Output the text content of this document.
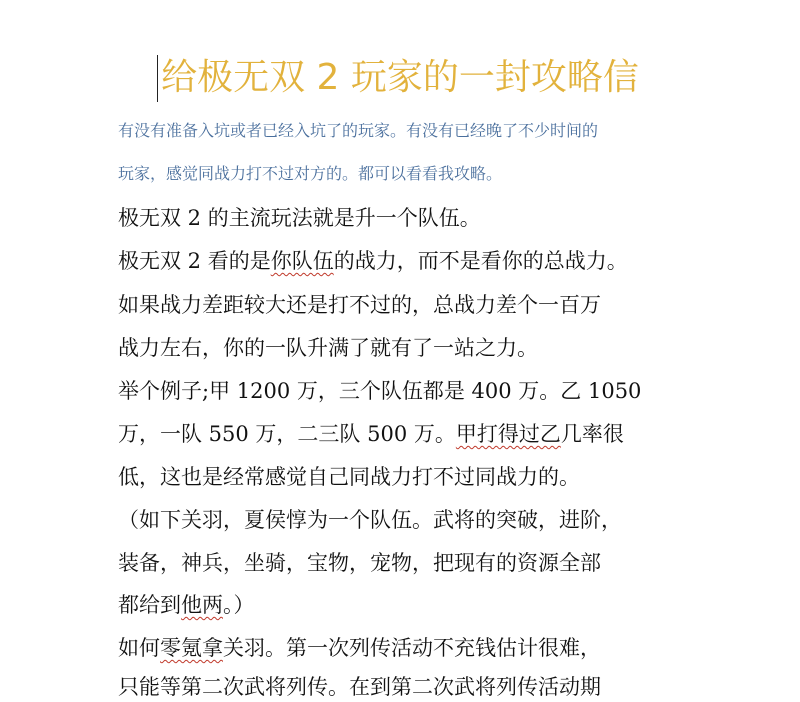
给极无双 2 玩家的一封攻略信
有没有准备入坑或者已经入坑了的玩家。有没有已经晚了不少时间的
玩家，感觉同战力打不过对方的。都可以看看我攻略。
极无双 2 的主流玩法就是升一个队伍。
极无双 2 看的是你队伍的战力，而不是看你的总战力。
如果战力差距较大还是打不过的，总战力差个一百万
战力左右，你的一队升满了就有了一站之力。
举个例子;甲 1200 万，三个队伍都是 400 万。乙 1050
万，一队 550 万，二三队 500 万。甲打得过乙几率很
低，这也是经常感觉自己同战力打不过同战力的。
（如下关羽，夏侯惇为一个队伍。武将的突破，进阶，
装备，神兵，坐骑，宝物，宠物，把现有的资源全部
都给到他两。）
如何零氪拿关羽。第一次列传活动不充钱估计很难，
只能等第二次武将列传。在到第二次武将列传活动期
